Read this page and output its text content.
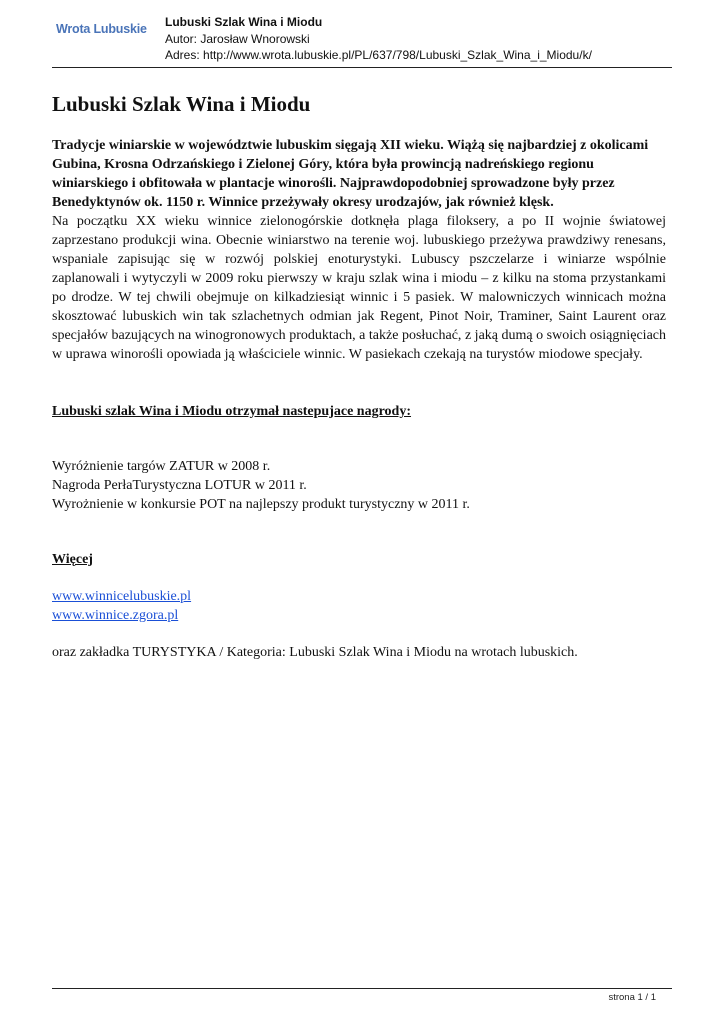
Wrota Lubuskie Lubuski Szlak Wina i Miodu
Autor: Jarosław Wnorowski
Adres: http://www.wrota.lubuskie.pl/PL/637/798/Lubuski_Szlak_Wina_i_Miodu/k/
Lubuski Szlak Wina i Miodu

Tradycje winiarskie w województwie lubuskim sięgają XII wieku. Wiążą się najbardziej z okolicami Gubina, Krosna Odrzańskiego i Zielonej Góry, która była prowincją nadreńskiego regionu winiarskiego i obfitowała w plantacje winorośli. Najprawdopodobniej sprowadzone były przez Benedyktynów ok. 1150 r. Winnice przeżywały okresy urodzajów, jak również klęsk.

Na początku XX wieku winnice zielonogórskie dotknęła plaga filoksery, a po II wojnie światowej zaprzestano produkcji wina. Obecnie winiarstwo na terenie woj. lubuskiego przeżywa prawdziwy renesans, wspaniale zapisując się w rozwój polskiej enoturystyki. Lubuscy pszczelarze i winiarze wspólnie zaplanowali i wytyczyli w 2009 roku pierwszy w kraju szlak wina i miodu – z kilku na stoma przystankami po drodze. W tej chwili obejmuje on kilkadziesiąt winnic i 5 pasiek. W malowniczych winnicach można skosztować lubuskich win tak szlachetnych odmian jak Regent, Pinot Noir, Traminer, Saint Laurent oraz specjałów bazujących na winogronowych produktach, a także posłuchać, z jaką dumą o swoich osiągnięciach w uprawa winorośli opowiada ją właściciele winnic. W pasiekach czekają na turystów miodowe specjały.

Lubuski szlak Wina i Miodu otrzymał nastepujace nagrody:

Wyróżnienie targów ZATUR w 2008 r.
Nagroda PerłaTurystyczna LOTUR w 2011 r.
Wyrożnienie w konkursie POT na najlepszy produkt turystyczny w 2011 r.

Więcej

www.winnicelubuskie.pl
www.winnice.zgora.pl

oraz zakładka TURYSTYKA / Kategoria: Lubuski Szlak Wina i Miodu na wrotach lubuskich.

strona 1 / 1
